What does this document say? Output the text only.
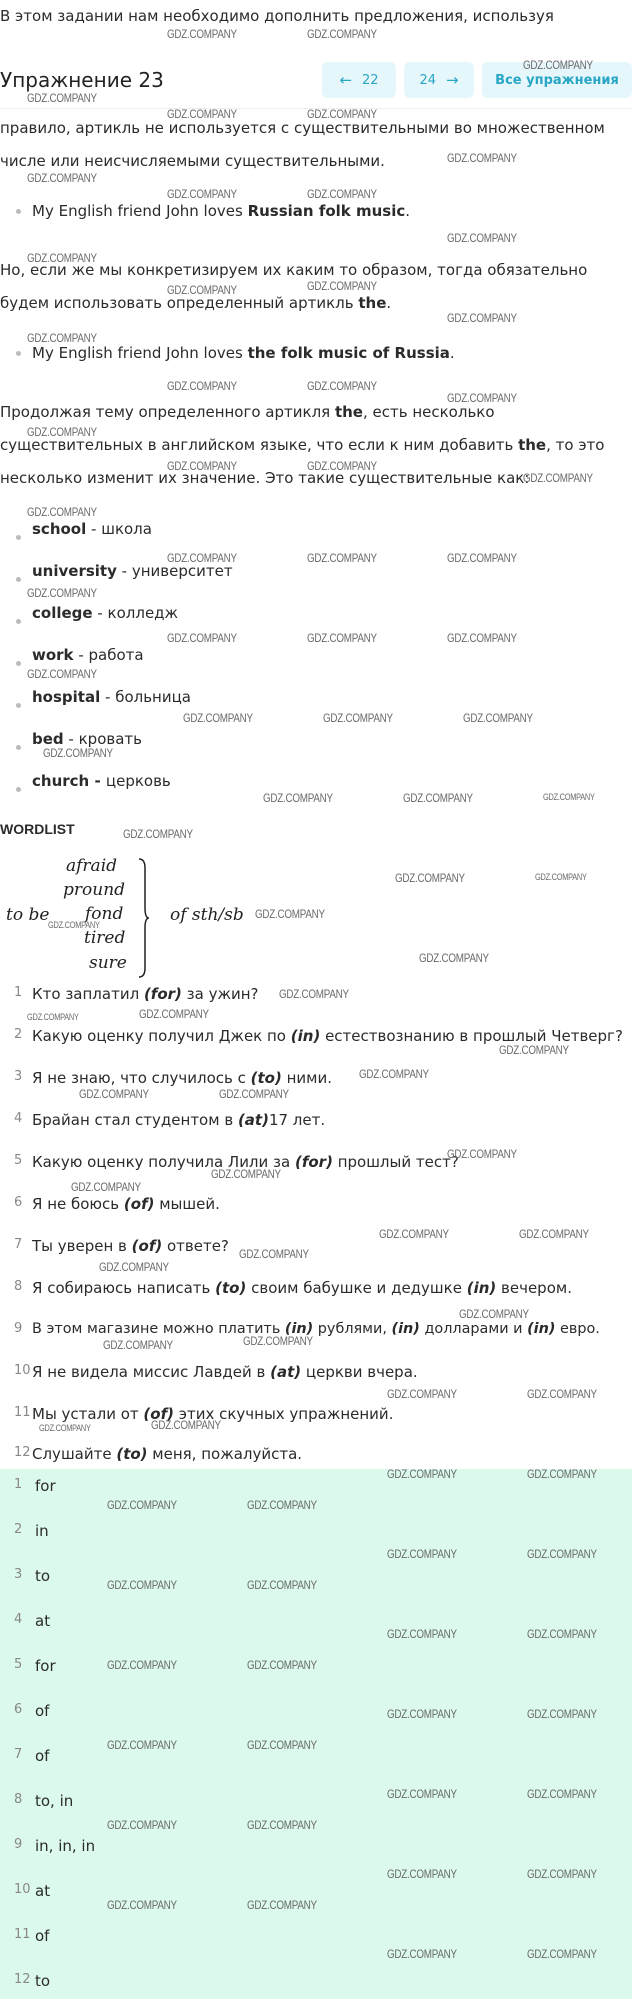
В этом задании нам необходимо дополнить предложения, используя

Упражнение 23	← 22	24 →	Все упражнения

правило, артикль не используется с существительными во множественном

числе или неисчисляемыми существительными.

My English friend John loves Russian folk music.

Но, если же мы конкретизируем их каким то образом, тогда обязательно

будем использовать определенный артикль the.

My English friend John loves the folk music of Russia.

Продолжая тему определенного артикля the, есть несколько

существительных в английском языке, что если к ним добавить the, то это

несколько изменит их значение. Это такие существительные как:

school - школа
university - университет
college - колледж
work - работа
hospital - больница
bed - кровать
church - церковь
WORDLIST
afraid
pround
fond
tired
sure
to be	of sth/sb
1 Кто заплатил (for) за ужин?
2 Какую оценку получил Джек по (in) естествознанию в прошлый Четверг?
3 Я не знаю, что случилось с (to) ними.
4 Брайан стал студентом в (at)17 лет.
5 Какую оценку получила Лили за (for) прошлый тест?
6 Я не боюсь (of) мышей.
7 Ты уверен в (of) ответе?
8 Я собираюсь написать (to) своим бабушке и дедушке (in) вечером.
9 В этом магазине можно платить (in) рублями, (in) долларами и (in) евро.
10 Я не видела миссис Лавдей в (at) церкви вчера.
11 Мы устали от (of) этих скучных упражнений.
12 Слушайте (to) меня, пожалуйста.
1 for
2 in
3 to
4 at
5 for
6 of
7 of
8 to, in
9 in, in, in
10 at
11 of
12 to
GDZ.COMPANY	GDZ.COMPANY
GDZ.COMPANY
GDZ.COMPANY
GDZ.COMPANY	GDZ.COMPANY
GDZ.COMPANY
GDZ.COMPANY
GDZ.COMPANY	GDZ.COMPANY
GDZ.COMPANY
GDZ.COMPANY
GDZ.COMPANY	GDZ.COMPANY
GDZ.COMPANY
GDZ.COMPANY
GDZ.COMPANY	GDZ.COMPANY
GDZ.COMPANY
GDZ.COMPANY
GDZ.COMPANY	GDZ.COMPANY
GDZ.COMPANY
GDZ.COMPANY
GDZ.COMPANY	GDZ.COMPANY	GDZ.COMPANY
GDZ.COMPANY
GDZ.COMPANY	GDZ.COMPANY	GDZ.COMPANY
GDZ.COMPANY
GDZ.COMPANY	GDZ.COMPANY	GDZ.COMPANY
GDZ.COMPANY
GDZ.COMPANY	GDZ.COMPANY	GDZ.COMPANY
GDZ.COMPANY
GDZ.COMPANY	GDZ.COMPANY
GDZ.COMPANY
GDZ.COMPANY
GDZ.COMPANY
GDZ.COMPANY
GDZ.COMPANY	GDZ.COMPANY
GDZ.COMPANY
GDZ.COMPANY
GDZ.COMPANY	GDZ.COMPANY
GDZ.COMPANY
GDZ.COMPANY
GDZ.COMPANY
GDZ.COMPANY	GDZ.COMPANY
GDZ.COMPANY
GDZ.COMPANY
GDZ.COMPANY
GDZ.COMPANY	GDZ.COMPANY
GDZ.COMPANY	GDZ.COMPANY
GDZ.COMPANY	GDZ.COMPANY
GDZ.COMPANY	GDZ.COMPANY
GDZ.COMPANY	GDZ.COMPANY
GDZ.COMPANY	GDZ.COMPANY
GDZ.COMPANY	GDZ.COMPANY
GDZ.COMPANY	GDZ.COMPANY
GDZ.COMPANY	GDZ.COMPANY
GDZ.COMPANY	GDZ.COMPANY
GDZ.COMPANY	GDZ.COMPANY
GDZ.COMPANY	GDZ.COMPANY
GDZ.COMPANY	GDZ.COMPANY
GDZ.COMPANY	GDZ.COMPANY
GDZ.COMPANY	GDZ.COMPANY
GDZ.COMPANY	GDZ.COMPANY
